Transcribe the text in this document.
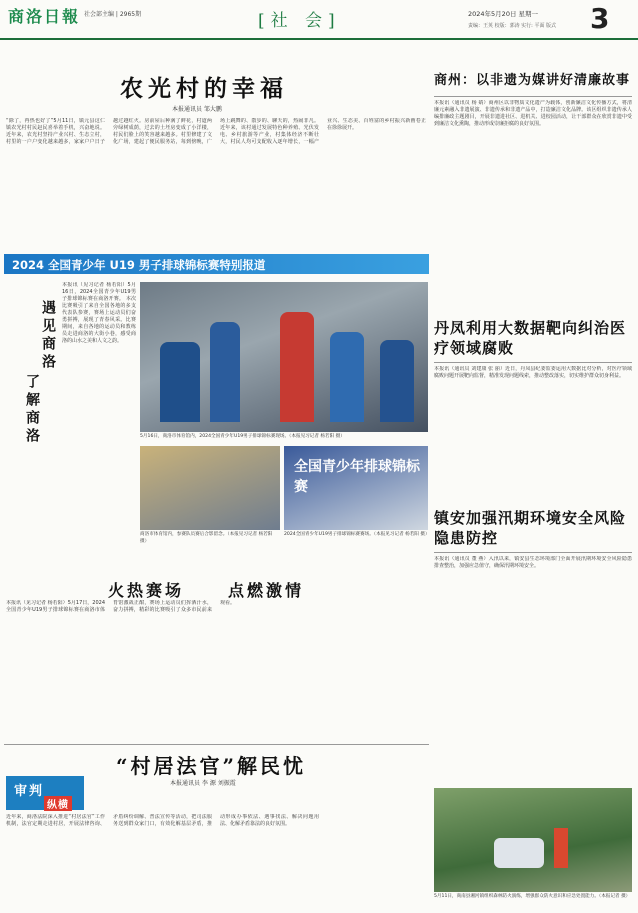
商洛日報 社会部主编 | 2965期	[社 会]	2024年5月20日 星期一
责编：王英 校版：郭涛 实行: 平面 版式 3
农光村的幸福
本报通讯员 邹大鹏
“除了，再热也好了”5月11日，镇元县这仁镇农光村村民赵民喜举着手机，兴奋地说。近年来，农光村坚持产业兴村、生态立村，村里的一户户变化越来越多，家家户户日子越过越红火。房前屋后种满了鲜花，村道两旁绿树成荫，过去的土坯房变成了小洋楼，村民们脸上的笑容越来越多。村里修建了文化广场，建起了便民服务站，每到傍晚，广场上跳舞的、散步的、聊天的，热闹非凡。近年来，该村通过发展特色种养殖、光伏发电、乡村旅游等产业，村集体经济不断壮大，村民人均可支配收入逐年增长，一幅产业兴、生态美、百姓富的乡村振兴新画卷正在徐徐展开。
商州：以非遗为媒讲好清廉故事
本报讯（通讯员 杨 婧）商州区以非物质文化遗产为载体，创新廉洁文化传播方式，将清廉元素融入非遗展演、非遗传承和非遗产品中，打造廉洁文化品牌。该区组织非遗传承人编排廉政主题剧目，开展非遗进社区、进机关、进校园活动，让干部群众在欣赏非遗中受到廉洁文化熏陶，推动形成崇廉拒腐的良好氛围。
2024 全国青少年 U19 男子排球锦标赛特别报道
遇见商洛
了解商洛
本报讯（见习记者 杨若阳）5月16日，2024全国青少年U19男子排球锦标赛在商洛开赛。 本次比赛吸引了来自全国各地的多支代表队参赛，赛场上运动员们奋勇拼搏，展现了青春风采。比赛期间，来自各地的运动员和教练员走进商洛的大街小巷，感受商洛的山水之美和人文之韵。
5月16日，商洛市体育馆内，2024全国青少年U19男子排球锦标赛现场。（本报见习记者 杨若阳 摄）
全国青少年排球锦标赛
商洛市体育馆内，参赛队员赛后合影留念。（本报见习记者 杨若阳 摄）
2024全国青少年U19男子排球锦标赛赛场。（本报见习记者 杨若阳 摄）
火热赛场	点燃激情
本报讯（见习记者 杨若阳）5月17日，2024全国青少年U19男子排球锦标赛在商洛市体育馆激战正酣，赛场上运动员们挥洒汗水，奋力拼搏，精彩的比赛吸引了众多市民前来观看。
丹凤利用大数据靶向纠治医疗领域腐败
本报讯（通讯员 刘建康 张 丽）近日，丹凤县纪委监委运用大数据比对分析，对医疗领域腐败问题开展靶向监督，精准发现问题线索，推动整改落实，切实维护群众切身利益。
镇安加强汛期环境安全风险隐患防控
本报讯（通讯员 董 燕）入汛以来，镇安县生态环境部门全面开展汛期环境安全风险隐患排查整治，加强应急值守，确保汛期环境安全。
“村居法官”解民忧
本报通讯员 李 源 刘振霞
审判
纵横
近年来，商洛法院深入推进“村居法官”工作机制，法官定期走进村居，开展法律咨询、矛盾纠纷调解、普法宣传等活动，把司法服务送到群众家门口，有效化解基层矛盾，推动形成办事依法、遇事找法、解决问题用法、化解矛盾靠法的良好氛围。
5月11日，商南县湘河镇组织森林防火演练，增强群众防火意识和应急处置能力。（本报记者 摄）
